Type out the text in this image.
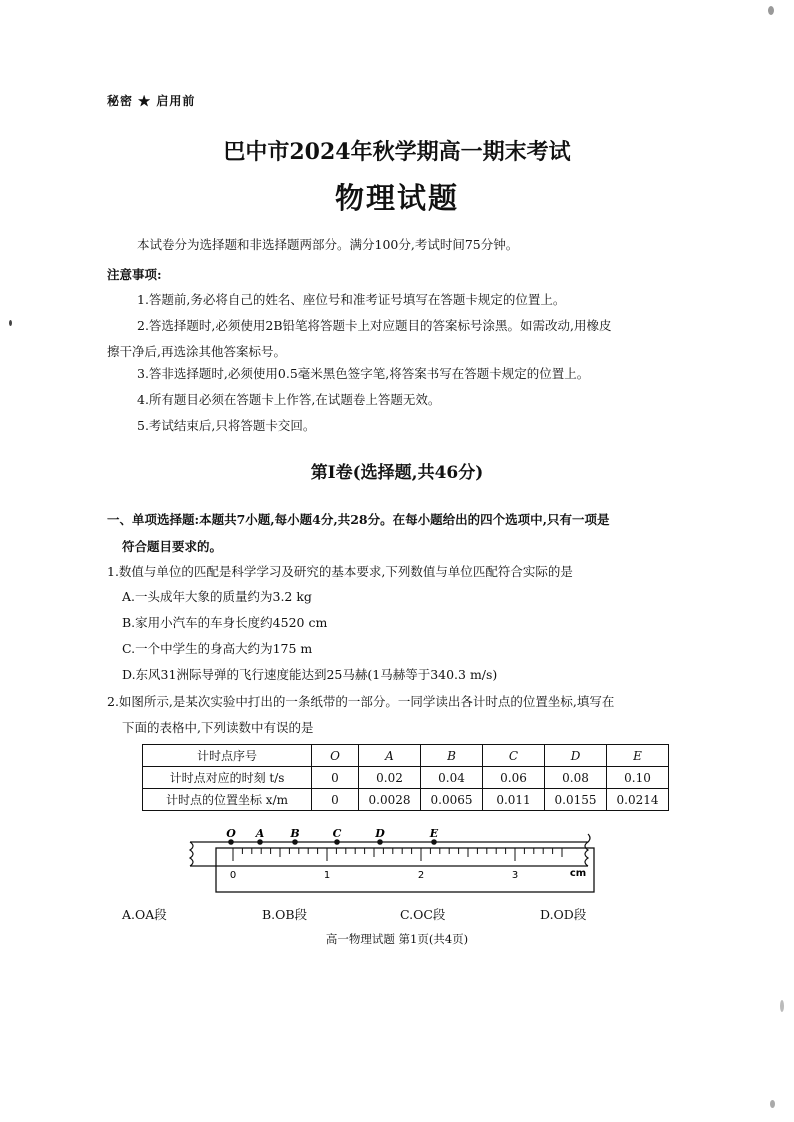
秘密 ★ 启用前
巴中市2024年秋学期高一期末考试
物理试题
本试卷分为选择题和非选择题两部分。满分100分,考试时间75分钟。
注意事项:
1.答题前,务必将自己的姓名、座位号和准考证号填写在答题卡规定的位置上。
2.答选择题时,必须使用2B铅笔将答题卡上对应题目的答案标号涂黑。如需改动,用橡皮
擦干净后,再选涂其他答案标号。
3.答非选择题时,必须使用0.5毫米黑色签字笔,将答案书写在答题卡规定的位置上。
4.所有题目必须在答题卡上作答,在试题卷上答题无效。
5.考试结束后,只将答题卡交回。
第Ⅰ卷(选择题,共46分)
一、单项选择题:本题共7小题,每小题4分,共28分。在每小题给出的四个选项中,只有一项是
符合题目要求的。
1.数值与单位的匹配是科学学习及研究的基本要求,下列数值与单位匹配符合实际的是
A.一头成年大象的质量约为3.2 kg
B.家用小汽车的车身长度约4520 cm
C.一个中学生的身高大约为175 m
D.东风31洲际导弹的飞行速度能达到25马赫(1马赫等于340.3 m/s)
2.如图所示,是某次实验中打出的一条纸带的一部分。一同学读出各计时点的位置坐标,填写在
下面的表格中,下列读数中有误的是
计时点序号	O	A	B	C	D	E
计时点对应的时刻 t/s	0	0.02	0.04	0.06	0.08	0.10
计时点的位置坐标 x/m	0	0.0028	0.0065	0.011	0.0155	0.0214
O A B	C	D	E
0	1	2	3	cm
A.OA段	B.OB段	C.OC段	D.OD段
高一物理试题 第1页(共4页)
